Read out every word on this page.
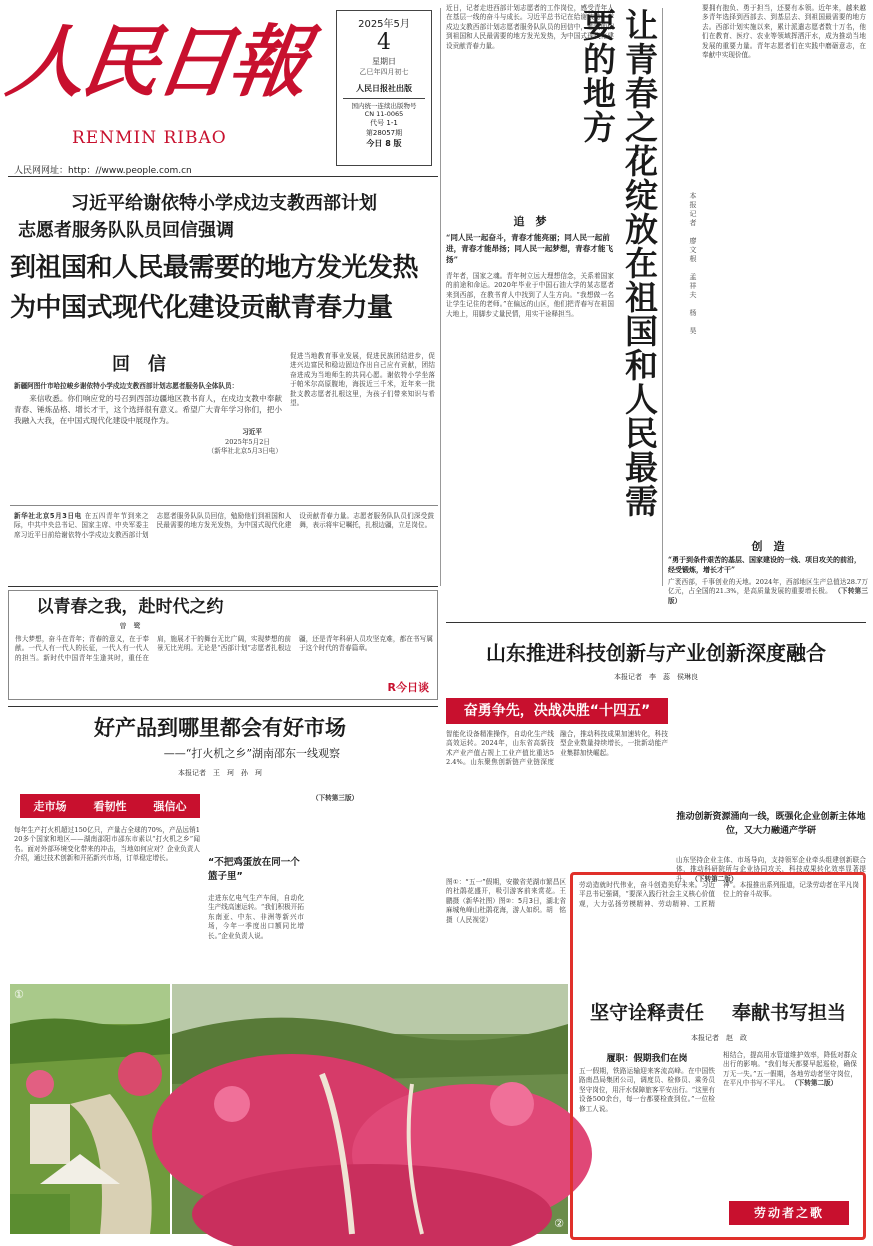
人民日報
RENMIN RIBAO
人民网网址：http：//www.people.com.cn
2025年5月
4
星期日
乙巳年四月初七
人民日报社出版
国内统一连续出版物号
CN 11-0065
代号 1-1
第28057期
今日 8 版
习近平给谢依特小学戍边支教西部计划
志愿者服务队队员回信强调
到祖国和人民最需要的地方发光发热
为中国式现代化建设贡献青春力量
回　信
新疆阿图什市哈拉峻乡谢依特小学戍边支教西部计划志愿者服务队全体队员：

来信收悉。你们响应党的号召到西部边疆地区教书育人，在戍边支教中奉献青春、锤炼品格、增长才干，这个选择很有意义。希望广大青年学习你们，把小我融入大我，在中国式现代化建设中展现作为。

习近平
2025年5月2日
（新华社北京5月3日电）
促进当地教育事业发展，促进民族团结进步，促进兴边富民和稳边固边作出自己应有贡献，团结奋进成为当地师生的共同心愿。谢依特小学坐落于帕米尔高原腹地，海拔近三千米，近年来一批批支教志愿者扎根这里，为孩子们带来知识与希望。
新华社北京5月3日电 在五四青年节到来之际，中共中央总书记、国家主席、中央军委主席习近平日前给谢依特小学戍边支教西部计划志愿者服务队队员回信，勉励他们到祖国和人民最需要的地方发光发热，为中国式现代化建设贡献青春力量。志愿者服务队队员们深受鼓舞，表示将牢记嘱托，扎根边疆，立足岗位。
近日，记者走进西部计划志愿者的工作岗位，感受青年人在基层一线的奋斗与成长。习近平总书记在给谢依特小学戍边支教西部计划志愿者服务队队员的回信中，勉励他们到祖国和人民最需要的地方发光发热，为中国式现代化建设贡献青春力量。
追　梦
“同人民一起奋斗，青春才能亮丽；同人民一起前进，青春才能昂扬；同人民一起梦想，青春才能飞扬”
青年者，国家之魂。青年树立远大理想信念，关系着国家的前途和命运。2020年毕业于中国石油大学的某志愿者来到西部，在教书育人中找到了人生方向。“我想做一名让学生记住的老师。”在偏远的山区，他们把青春写在祖国大地上，用脚步丈量民情，用实干诠释担当。	让青春之花绽放在祖国和人民最需要的地方
本报记者　廖文根　孟祥夫　杨　昊
要拥有抱负、勇于担当，还要有本领。近年来，越来越多青年选择到西部去、到基层去、到祖国最需要的地方去。西部计划实施以来，累计派遣志愿者数十万名，他们在教育、医疗、农业等领域挥洒汗水，成为推动当地发展的重要力量。青年志愿者们在实践中磨砺意志，在奉献中实现价值。
创　造
“勇于到条件艰苦的基层、国家建设的一线、项目攻关的前沿，经受锻炼，增长才干”
广袤西部，千事创业的天地。2024年，西部地区生产总值达28.7万亿元，占全国的21.3%，是高质量发展的重要增长极。 （下转第三版）
以青春之我，赴时代之约
曾　鹭
伟大梦想，奋斗在青年；青春的意义，在于奉献。一代人有一代人的长征，一代人有一代人的担当。新时代中国青年生逢其时，重任在肩，施展才干的舞台无比广阔，实现梦想的前景无比光明。无论是“西部计划”志愿者扎根边疆，还是青年科研人员攻坚克难，都在书写属于这个时代的青春篇章。
R今日谈
山东推进科技创新与产业创新深度融合
本报记者　李　蕊　侯琳良
奋勇争先，决战决胜“十四五”
智能化设备精准操作，自动化生产线高效运转。2024年，山东省高新技术产业产值占规上工业产值比重达52.4%。山东聚焦创新链产业链深度融合，推动科技成果加速转化，科技型企业数量持续增长，一批新动能产业集群加快崛起。
推动创新资源涌向一线，既强化企业创新主体地位，又大力融通产学研
山东坚持企业主体、市场导向，支持领军企业牵头组建创新联合体，推动科研院所与企业协同攻关，科技成果转化效率显著提升。 （下转第二版）
图①：“五一”假期，安徽省芜湖市繁昌区的杜鹃花盛开，吸引游客前来赏花。王　鹏摄（新华社图）图②：5月3日，湖北省麻城龟峰山杜鹃花海，游人如织。胡　铭摄（人民视觉）
好产品到哪里都会有好市场
——“打火机之乡”湖南邵东一线观察
本报记者　王　珂　孙　珂
走市场 看韧性 强信心
每年生产打火机超过150亿只，产量占全球的70%，产品远销120多个国家和地区——湖南邵阳市邵东市素以“打火机之乡”闻名。面对外部环境变化带来的冲击，当地如何应对？企业负责人介绍，通过技术创新和开拓新兴市场，订单稳定增长。	“不把鸡蛋放在同一个篮子里”
走进东亿电气生产车间，自动化生产线高速运转。“我们积极开拓东南亚、中东、非洲等新兴市场，今年一季度出口额同比增长。”企业负责人说。
（下转第三版）
①
②
劳动造就时代伟业，奋斗创造美好未来。习近平总书记强调，“要深入践行社会主义核心价值观，大力弘扬劳模精神、劳动精神、工匠精神”。本报推出系列报道，记录劳动者在平凡岗位上的奋斗故事。
坚守诠释责任	奉献书写担当
本报记者　赵　政
履职：假期我们在岗
五一假期，铁路运输迎来客流高峰。在中国铁路南昌局集团公司，调度员、检修员、乘务员坚守岗位，用汗水保障旅客平安出行。“这里有设备500余台，每一台都要检查到位。”一位检修工人说。
相结合，提高用水管道维护效率，降低对群众出行的影响。“我们每天都要早起巡检，确保万无一失。”五一假期，各地劳动者坚守岗位，在平凡中书写不平凡。 （下转第二版）
劳动者之歌
